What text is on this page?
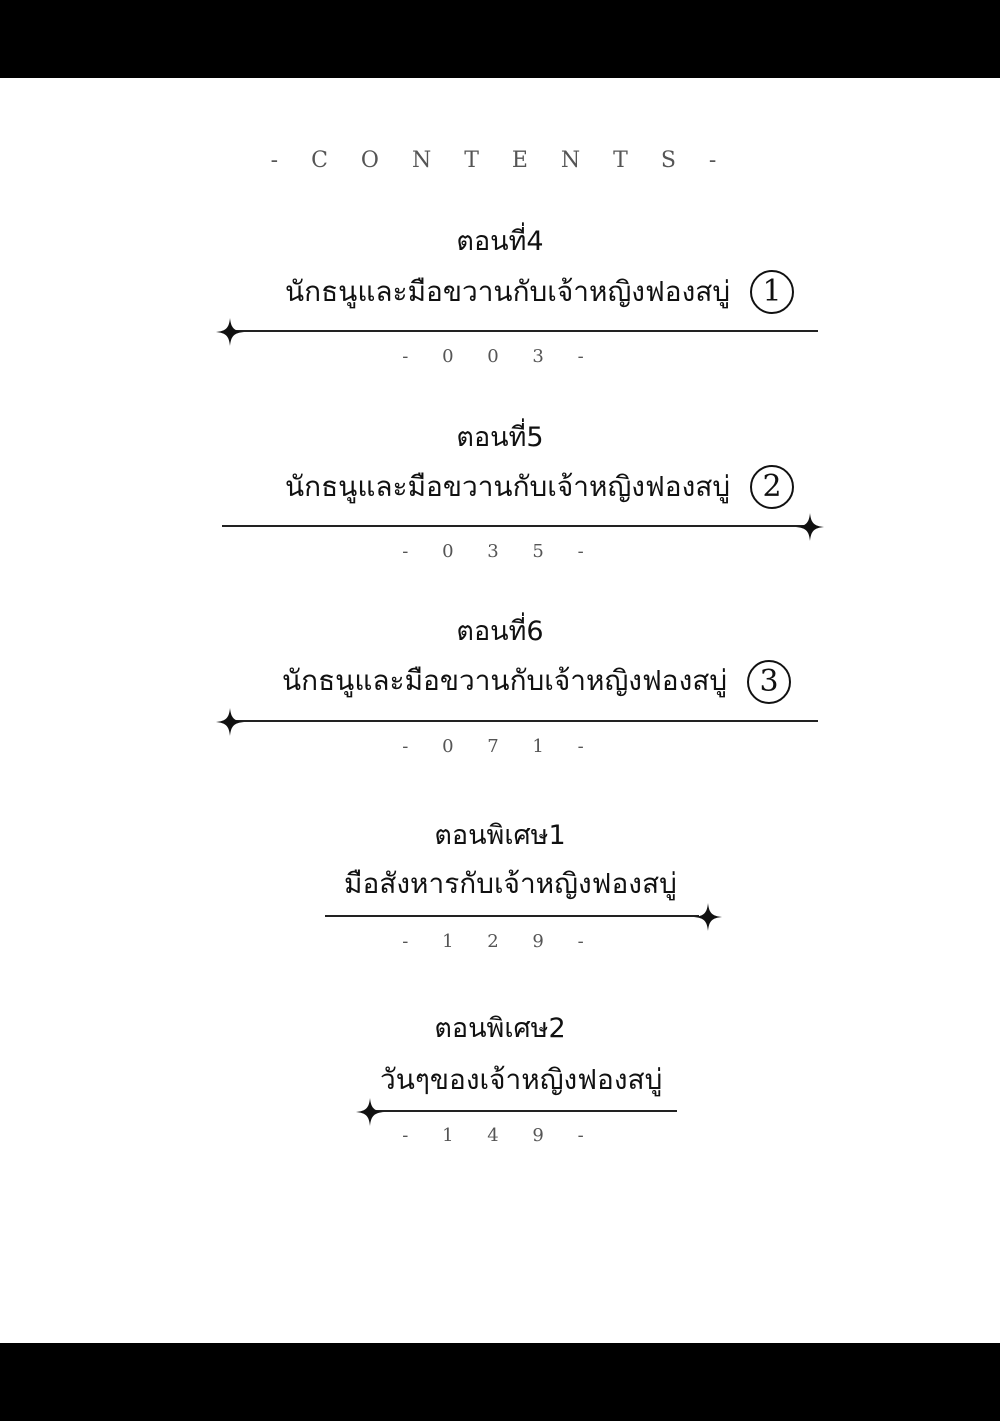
- C O N T E N T S -
ตอนที่4
นักธนูและมือขวานกับเจ้าหญิงฟองสบู่	1
- 0 0 3 -
ตอนที่5
นักธนูและมือขวานกับเจ้าหญิงฟองสบู่	2
- 0 3 5 -
ตอนที่6
นักธนูและมือขวานกับเจ้าหญิงฟองสบู่	3
- 0 7 1 -
ตอนพิเศษ1
มือสังหารกับเจ้าหญิงฟองสบู่
- 1 2 9 -
ตอนพิเศษ2
วันๆของเจ้าหญิงฟองสบู่
- 1 4 9 -
